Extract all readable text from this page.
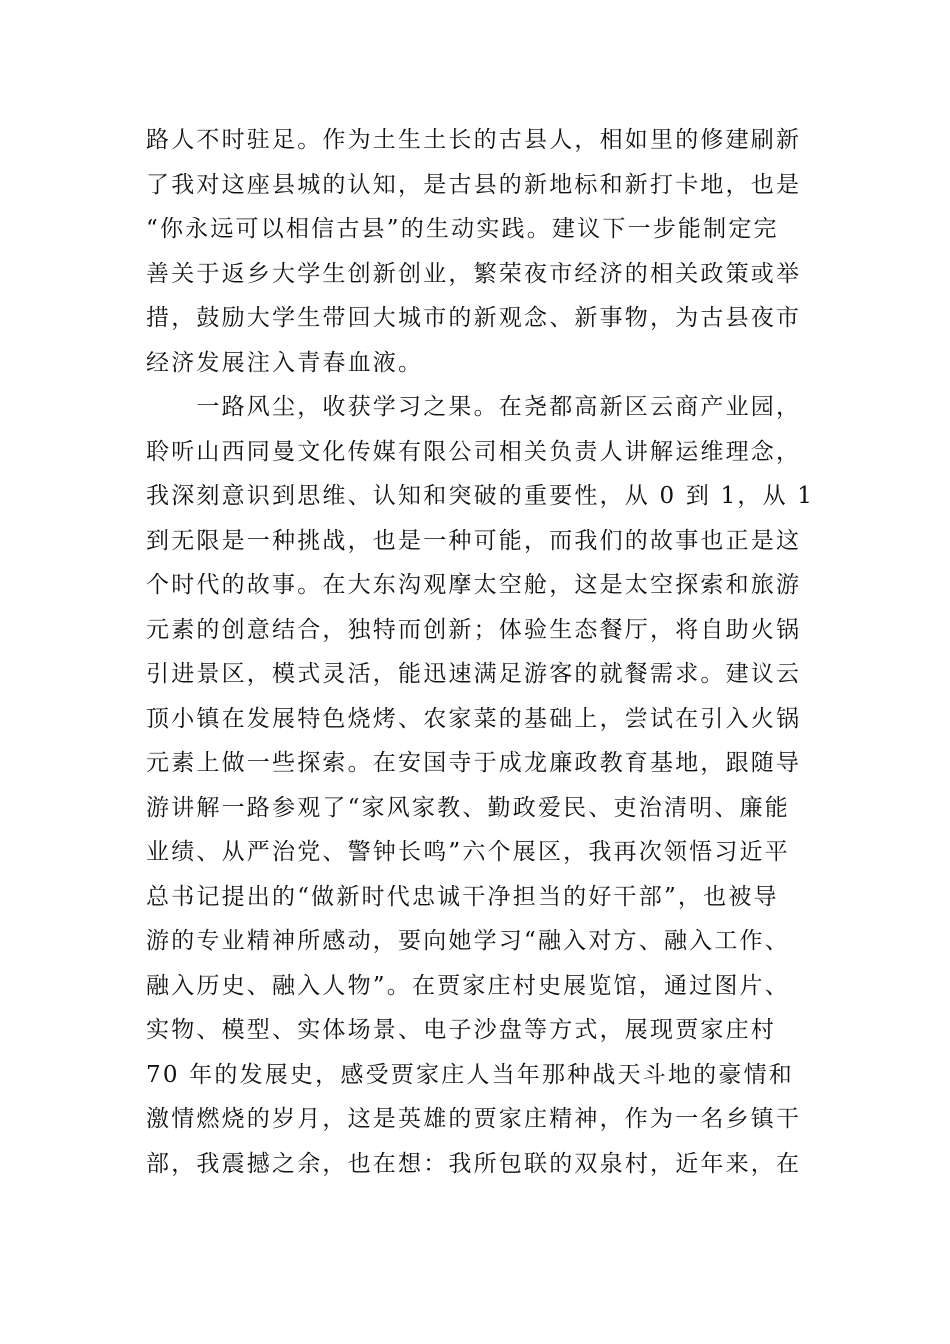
路人不时驻足。作为土生土长的古县人，相如里的修建刷新
了我对这座县城的认知，是古县的新地标和新打卡地，也是
“你永远可以相信古县”的生动实践。建议下一步能制定完
善关于返乡大学生创新创业，繁荣夜市经济的相关政策或举
措，鼓励大学生带回大城市的新观念、新事物，为古县夜市
经济发展注入青春血液。
　　一路风尘，收获学习之果。在尧都高新区云商产业园，
聆听山西同曼文化传媒有限公司相关负责人讲解运维理念，
我深刻意识到思维、认知和突破的重要性，从 0 到 1，从 1
到无限是一种挑战，也是一种可能，而我们的故事也正是这
个时代的故事。在大东沟观摩太空舱，这是太空探索和旅游
元素的创意结合，独特而创新；体验生态餐厅，将自助火锅
引进景区，模式灵活，能迅速满足游客的就餐需求。建议云
顶小镇在发展特色烧烤、农家菜的基础上，尝试在引入火锅
元素上做一些探索。在安国寺于成龙廉政教育基地，跟随导
游讲解一路参观了“家风家教、勤政爱民、吏治清明、廉能
业绩、从严治党、警钟长鸣”六个展区，我再次领悟习近平
总书记提出的“做新时代忠诚干净担当的好干部”，也被导
游的专业精神所感动，要向她学习“融入对方、融入工作、
融入历史、融入人物”。在贾家庄村史展览馆，通过图片、
实物、模型、实体场景、电子沙盘等方式，展现贾家庄村
70 年的发展史，感受贾家庄人当年那种战天斗地的豪情和
激情燃烧的岁月，这是英雄的贾家庄精神，作为一名乡镇干
部，我震撼之余，也在想：我所包联的双泉村，近年来，在
